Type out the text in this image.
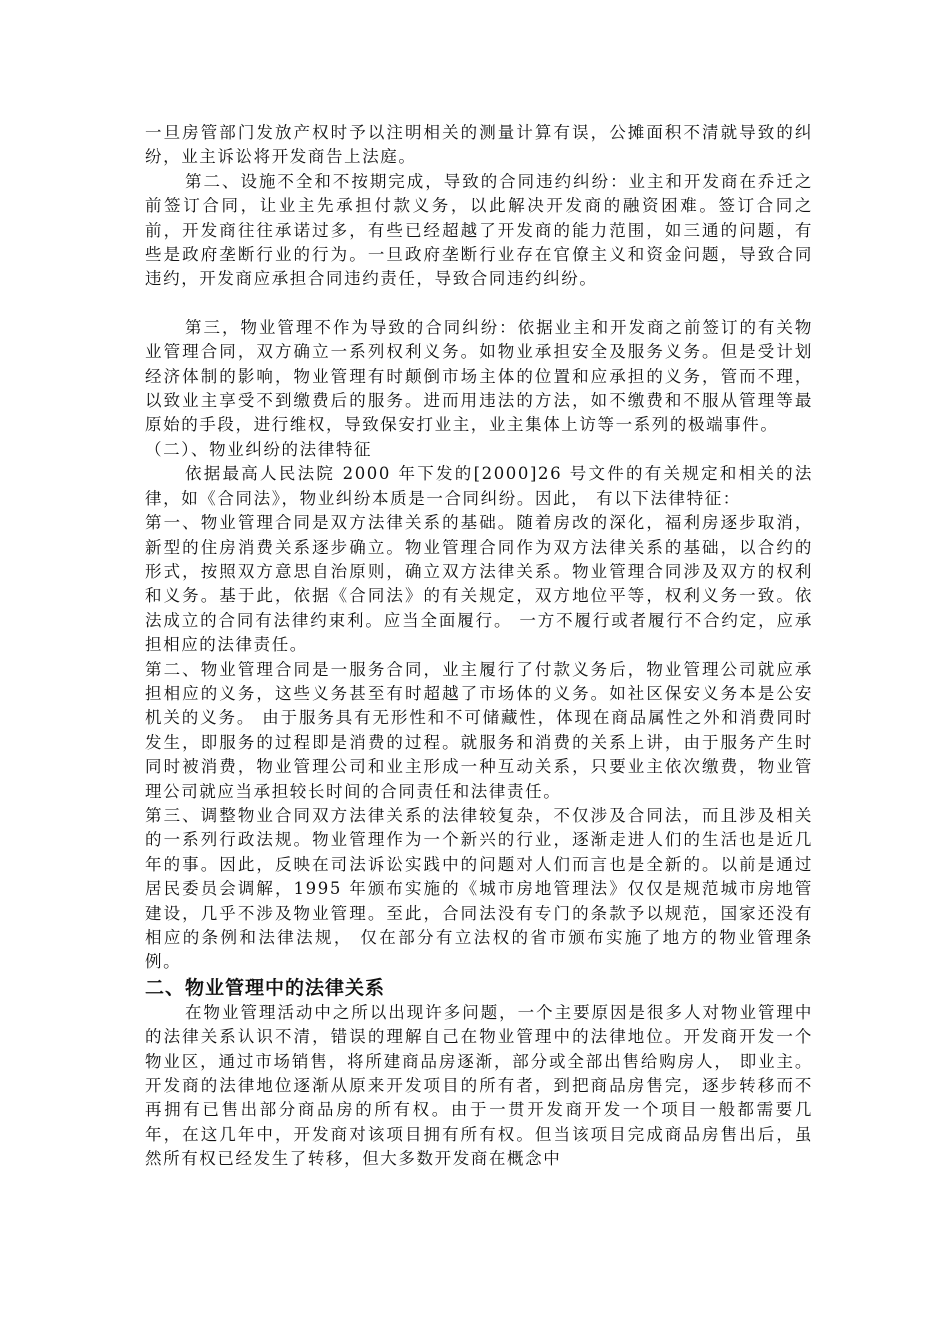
一旦房管部门发放产权时予以注明相关的测量计算有误，公摊面积不清就导致的纠纷，业主诉讼将开发商告上法庭。

第二、设施不全和不按期完成，导致的合同违约纠纷：业主和开发商在乔迁之前签订合同，让业主先承担付款义务，以此解决开发商的融资困难。签订合同之前，开发商往往承诺过多，有些已经超越了开发商的能力范围，如三通的问题，有些是政府垄断行业的行为。一旦政府垄断行业存在官僚主义和资金问题，导致合同违约，开发商应承担合同违约责任，导致合同违约纠纷。

第三，物业管理不作为导致的合同纠纷：依据业主和开发商之前签订的有关物业管理合同，双方确立一系列权利义务。如物业承担安全及服务义务。但是受计划经济体制的影响，物业管理有时颠倒市场主体的位置和应承担的义务，管而不理，以致业主享受不到缴费后的服务。进而用违法的方法，如不缴费和不服从管理等最原始的手段，进行维权，导致保安打业主，业主集体上访等一系列的极端事件。

（二）、物业纠纷的法律特征

依据最高人民法院 2000 年下发的[2000]26 号文件的有关规定和相关的法律，如《合同法》，物业纠纷本质是一合同纠纷。因此， 有以下法律特征：

第一、物业管理合同是双方法律关系的基础。随着房改的深化，福利房逐步取消，新型的住房消费关系逐步确立。物业管理合同作为双方法律关系的基础，以合约的形式，按照双方意思自治原则，确立双方法律关系。物业管理合同涉及双方的权利和义务。基于此，依据《合同法》的有关规定，双方地位平等，权利义务一致。依法成立的合同有法律约束利。应当全面履行。 一方不履行或者履行不合约定，应承担相应的法律责任。

第二、物业管理合同是一服务合同，业主履行了付款义务后，物业管理公司就应承担相应的义务，这些义务甚至有时超越了市场体的义务。如社区保安义务本是公安机关的义务。 由于服务具有无形性和不可储藏性，体现在商品属性之外和消费同时发生，即服务的过程即是消费的过程。就服务和消费的关系上讲，由于服务产生时同时被消费，物业管理公司和业主形成一种互动关系，只要业主依次缴费，物业管理公司就应当承担较长时间的合同责任和法律责任。

第三、调整物业合同双方法律关系的法律较复杂，不仅涉及合同法，而且涉及相关的一系列行政法规。物业管理作为一个新兴的行业，逐渐走进人们的生活也是近几年的事。因此，反映在司法诉讼实践中的问题对人们而言也是全新的。以前是通过居民委员会调解，1995 年颁布实施的《城市房地管理法》仅仅是规范城市房地管建设，几乎不涉及物业管理。至此，合同法没有专门的条款予以规范，国家还没有相应的条例和法律法规， 仅在部分有立法权的省市颁布实施了地方的物业管理条例。

二、物业管理中的法律关系

在物业管理活动中之所以出现许多问题，一个主要原因是很多人对物业管理中的法律关系认识不清，错误的理解自己在物业管理中的法律地位。开发商开发一个物业区，通过市场销售，将所建商品房逐渐，部分或全部出售给购房人， 即业主。开发商的法律地位逐渐从原来开发项目的所有者，到把商品房售完，逐步转移而不再拥有已售出部分商品房的所有权。由于一贯开发商开发一个项目一般都需要几年，在这几年中，开发商对该项目拥有所有权。但当该项目完成商品房售出后，虽然所有权已经发生了转移，但大多数开发商在概念中
